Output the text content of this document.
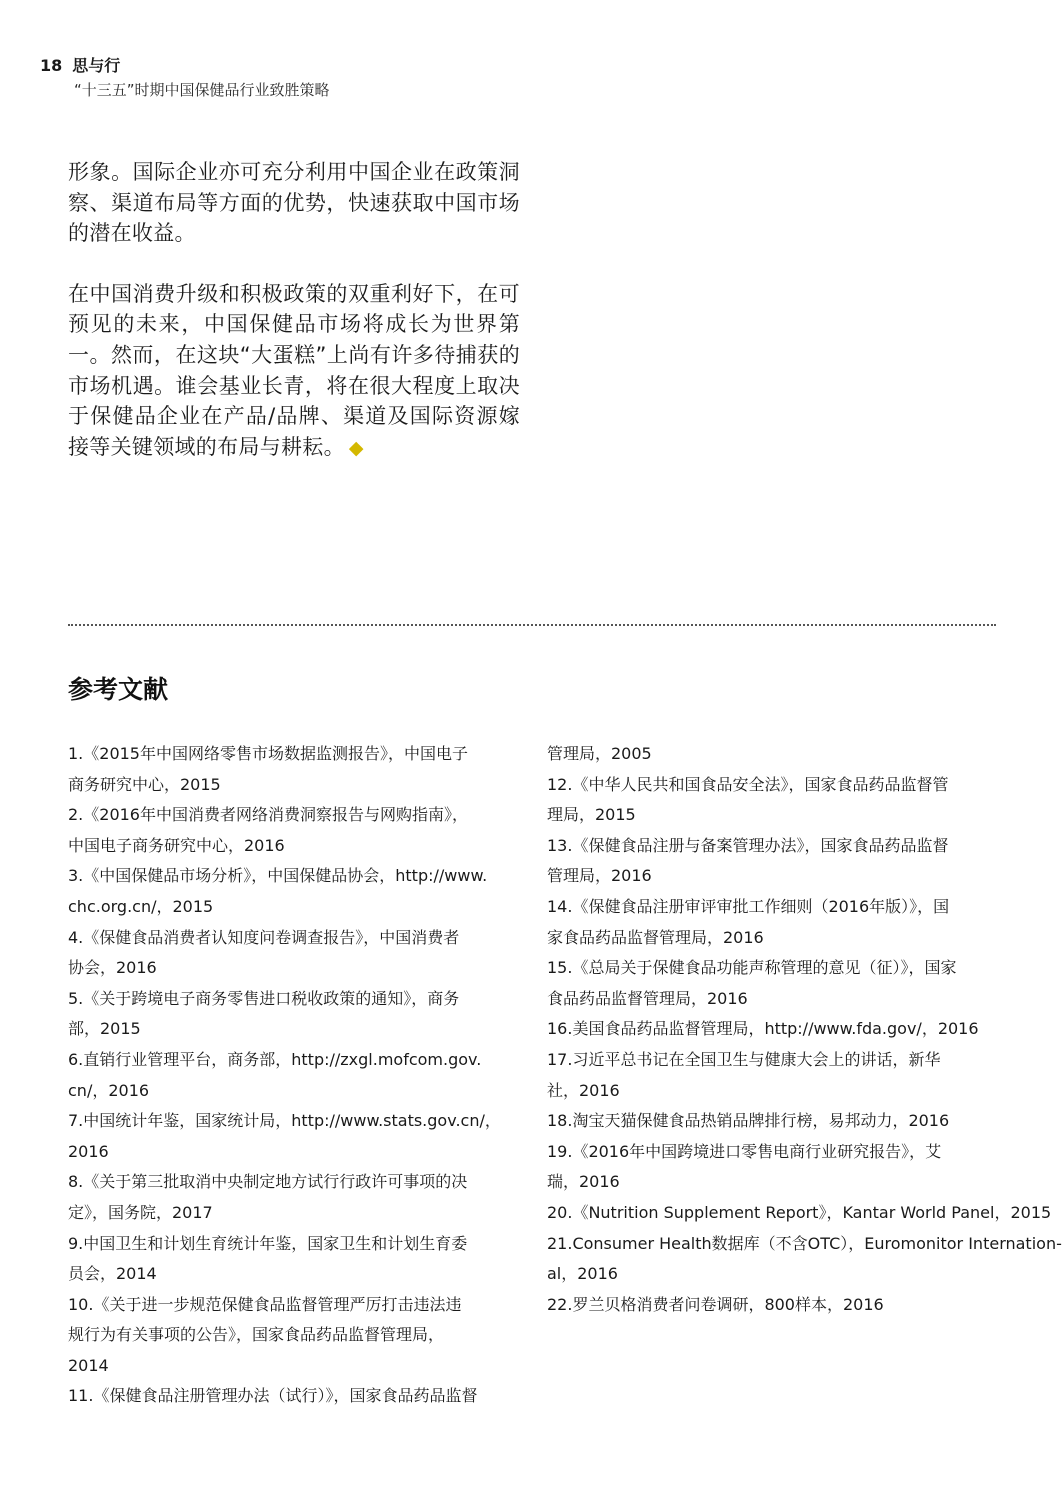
18 思与行
“十三五”时期中国保健品行业致胜策略

形象。国际企业亦可充分利用中国企业在政策洞察、渠道布局等方面的优势，快速获取中国市场的潜在收益。

在中国消费升级和积极政策的双重利好下，在可预见的未来，中国保健品市场将成长为世界第一。然而，在这块“大蛋糕”上尚有许多待捕获的市场机遇。谁会基业长青，将在很大程度上取决于保健品企业在产品/品牌、渠道及国际资源嫁接等关键领域的布局与耕耘。 ◆

参考文献
1.《2015年中国网络零售市场数据监测报告》，中国电子
商务研究中心，2015
2.《2016年中国消费者网络消费洞察报告与网购指南》，
中国电子商务研究中心，2016
3.《中国保健品市场分析》，中国保健品协会，http://www.
chc.org.cn/，2015
4.《保健食品消费者认知度问卷调查报告》，中国消费者
协会，2016
5.《关于跨境电子商务零售进口税收政策的通知》，商务
部，2015
6.直销行业管理平台，商务部，http://zxgl.mofcom.gov.
cn/，2016
7.中国统计年鉴，国家统计局，http://www.stats.gov.cn/，
2016
8.《关于第三批取消中央制定地方试行行政许可事项的决
定》，国务院，2017
9.中国卫生和计划生育统计年鉴，国家卫生和计划生育委
员会，2014
10.《关于进一步规范保健食品监督管理严厉打击违法违
规行为有关事项的公告》，国家食品药品监督管理局，
2014
11.《保健食品注册管理办法（试行）》，国家食品药品监督
管理局，2005
12.《中华人民共和国食品安全法》，国家食品药品监督管
理局，2015
13.《保健食品注册与备案管理办法》，国家食品药品监督
管理局，2016
14.《保健食品注册审评审批工作细则（2016年版）》，国
家食品药品监督管理局，2016
15.《总局关于保健食品功能声称管理的意见（征）》，国家
食品药品监督管理局，2016
16.美国食品药品监督管理局，http://www.fda.gov/，2016
17.习近平总书记在全国卫生与健康大会上的讲话，新华
社，2016
18.淘宝天猫保健食品热销品牌排行榜，易邦动力，2016
19.《2016年中国跨境进口零售电商行业研究报告》，艾
瑞，2016
20.《Nutrition Supplement Report》，Kantar World Panel，2015
21.Consumer Health数据库（不含OTC），Euromonitor Internation-
al，2016
22.罗兰贝格消费者问卷调研，800样本，2016
